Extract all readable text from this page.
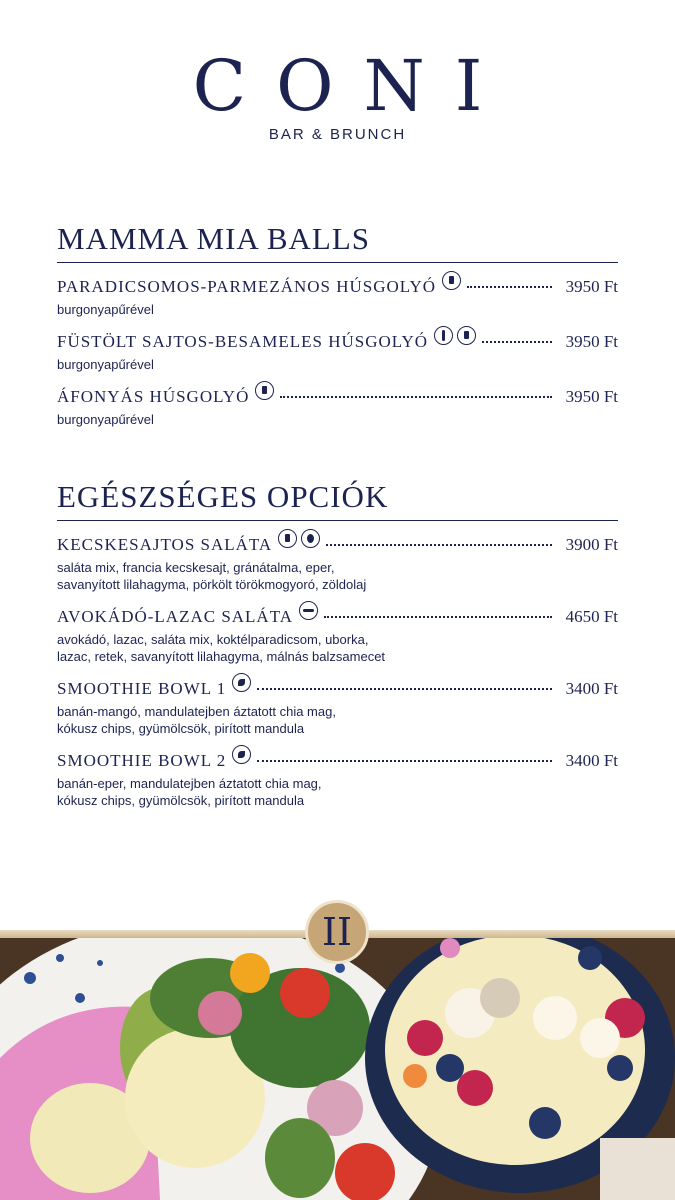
CONI
BAR & BRUNCH
MAMMA MIA BALLS
PARADICSOMOS-PARMEZÁNOS HÚSGOLYÓ	3950 Ft
burgonyapűrével
FÜSTÖLT SAJTOS-BESAMELES HÚSGOLYÓ	3950 Ft
burgonyapűrével
ÁFONYÁS HÚSGOLYÓ	3950 Ft
burgonyapűrével
EGÉSZSÉGES OPCIÓK
KECSKESAJTOS SALÁTA	3900 Ft
saláta mix, francia kecskesajt, gránátalma, eper,
savanyított lilahagyma, pörkölt törökmogyoró, zöldolaj
AVOKÁDÓ-LAZAC SALÁTA	4650 Ft
avokádó, lazac, saláta mix, koktélparadicsom, uborka,
lazac, retek, savanyított lilahagyma, málnás balzsamecet
SMOOTHIE BOWL 1	3400 Ft
banán-mangó, mandulatejben áztatott chia mag,
kókusz chips, gyümölcsök, pirított mandula
SMOOTHIE BOWL 2	3400 Ft
banán-eper, mandulatejben áztatott chia mag,
kókusz chips, gyümölcsök, pirított mandula
II
